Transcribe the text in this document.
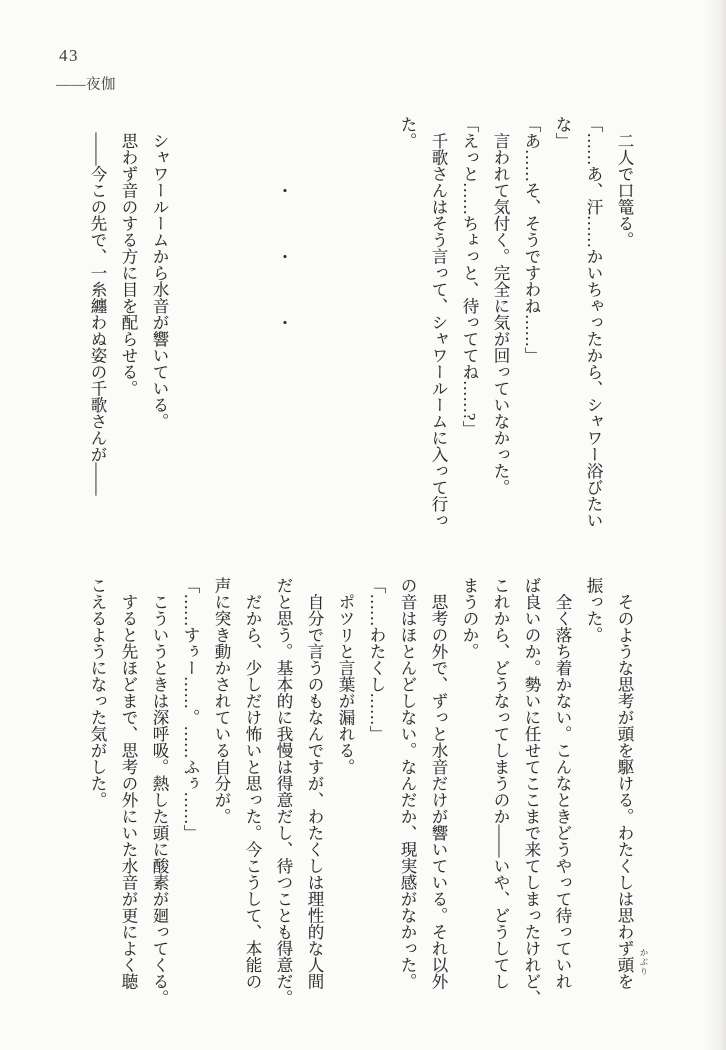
43
――夜伽
　二人で口篭る。
「……あ、汗……かいちゃったから、シャワー浴びたい
な」
「あ……そ、そうですわね……」
　言われて気付く。完全に気が回っていなかった。
「えっと……ちょっと、待っててね……?」
　千歌さんはそう言って、シャワールームに入って行っ
た。
　　　　・　　　・　　　・
　シャワールームから水音が響いている。
　思わず音のする方に目を配らせる。
　――今この先で、一糸纏わぬ姿の千歌さんが――
　そのような思考が頭を駆ける。わたくしは思わず頭を
振った。
　全く落ち着かない。こんなときどうやって待っていれ
ば良いのか。勢いに任せてここまで来てしまったけれど、
これから、どうなってしまうのか――いや、どうしてし
まうのか。
　思考の外で、ずっと水音だけが響いている。それ以外
の音はほとんどしない。なんだか、現実感がなかった。
「……わたくし……」
　ポツリと言葉が漏れる。
　自分で言うのもなんですが、わたくしは理性的な人間
だと思う。基本的に我慢は得意だし、待つことも得意だ。
　だから、少しだけ怖いと思った。今こうして、本能の
声に突き動かされている自分が。
「……すぅー……。……ふぅ……」
　こういうときは深呼吸。熱した頭に酸素が廻ってくる。
　すると先ほどまで、思考の外にいた水音が更によく聴
こえるようになった気がした。
かぶり
